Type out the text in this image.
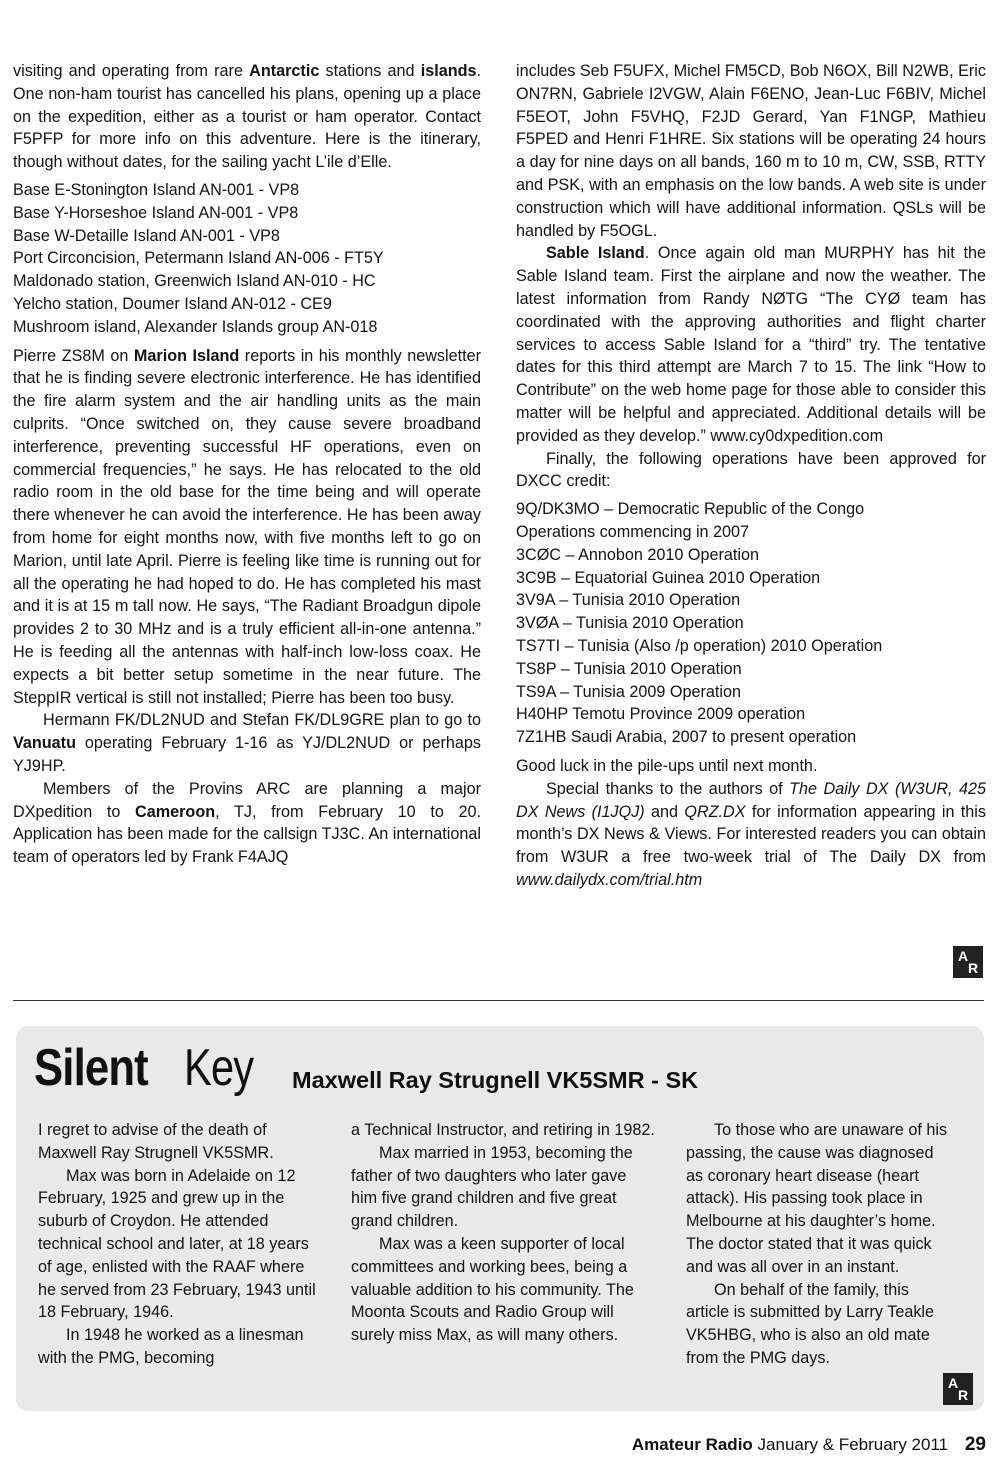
visiting and operating from rare Antarctic stations and islands. One non-ham tourist has cancelled his plans, opening up a place on the expedition, either as a tourist or ham operator. Contact F5PFP for more info on this adventure. Here is the itinerary, though without dates, for the sailing yacht L’ile d’Elle.

Base E-Stonington Island AN-001 - VP8
Base Y-Horseshoe Island AN-001 - VP8
Base W-Detaille Island AN-001 - VP8
Port Circoncision, Petermann Island AN-006 - FT5Y
Maldonado station, Greenwich Island AN-010 - HC
Yelcho station, Doumer Island AN-012 - CE9
Mushroom island, Alexander Islands group AN-018

Pierre ZS8M on Marion Island reports in his monthly newsletter that he is finding severe electronic interference. He has identified the fire alarm system and the air handling units as the main culprits. “Once switched on, they cause severe broadband interference, preventing successful HF operations, even on commercial frequencies,” he says. He has relocated to the old radio room in the old base for the time being and will operate there whenever he can avoid the interference. He has been away from home for eight months now, with five months left to go on Marion, until late April. Pierre is feeling like time is running out for all the operating he had hoped to do. He has completed his mast and it is at 15 m tall now. He says, “The Radiant Broadgun dipole provides 2 to 30 MHz and is a truly efficient all-in-one antenna.” He is feeding all the antennas with half-inch low-loss coax. He expects a bit better setup sometime in the near future. The SteppIR vertical is still not installed; Pierre has been too busy.

Hermann FK/DL2NUD and Stefan FK/DL9GRE plan to go to Vanuatu operating February 1-16 as YJ/DL2NUD or perhaps YJ9HP.

Members of the Provins ARC are planning a major DXpedition to Cameroon, TJ, from February 10 to 20. Application has been made for the callsign TJ3C. An international team of operators led by Frank F4AJQ

includes Seb F5UFX, Michel FM5CD, Bob N6OX, Bill N2WB, Eric ON7RN, Gabriele I2VGW, Alain F6ENO, Jean-Luc F6BIV, Michel F5EOT, John F5VHQ, F2JD Gerard, Yan F1NGP, Mathieu F5PED and Henri F1HRE. Six stations will be operating 24 hours a day for nine days on all bands, 160 m to 10 m, CW, SSB, RTTY and PSK, with an emphasis on the low bands. A web site is under construction which will have additional information. QSLs will be handled by F5OGL.

Sable Island. Once again old man MURPHY has hit the Sable Island team. First the airplane and now the weather. The latest information from Randy NØTG “The CYØ team has coordinated with the approving authorities and flight charter services to access Sable Island for a “third” try. The tentative dates for this third attempt are March 7 to 15. The link “How to Contribute” on the web home page for those able to consider this matter will be helpful and appreciated. Additional details will be provided as they develop.” www.cy0dxpedition.com

Finally, the following operations have been approved for DXCC credit:

9Q/DK3MO – Democratic Republic of the Congo
Operations commencing in 2007
3CØC – Annobon 2010 Operation
3C9B – Equatorial Guinea 2010 Operation
3V9A – Tunisia 2010 Operation
3VØA – Tunisia 2010 Operation
TS7TI – Tunisia (Also /p operation) 2010 Operation
TS8P – Tunisia 2010 Operation
TS9A – Tunisia 2009 Operation
H40HP Temotu Province 2009 operation
7Z1HB Saudi Arabia, 2007 to present operation

Good luck in the pile-ups until next month.

Special thanks to the authors of The Daily DX (W3UR, 425 DX News (I1JQJ) and QRZ.DX for information appearing in this month’s DX News & Views. For interested readers you can obtain from W3UR a free two-week trial of The Daily DX from www.dailydx.com/trial.htm

A
R
Silent Key Maxwell Ray Strugnell VK5SMR - SK

I regret to advise of the death of Maxwell Ray Strugnell VK5SMR.

Max was born in Adelaide on 12 February, 1925 and grew up in the suburb of Croydon. He attended technical school and later, at 18 years of age, enlisted with the RAAF where he served from 23 February, 1943 until 18 February, 1946.

In 1948 he worked as a linesman with the PMG, becoming

a Technical Instructor, and retiring in 1982.

Max married in 1953, becoming the father of two daughters who later gave him five grand children and five great grand children.

Max was a keen supporter of local committees and working bees, being a valuable addition to his community. The Moonta Scouts and Radio Group will surely miss Max, as will many others.

To those who are unaware of his passing, the cause was diagnosed as coronary heart disease (heart attack). His passing took place in Melbourne at his daughter’s home. The doctor stated that it was quick and was all over in an instant.

On behalf of the family, this article is submitted by Larry Teakle VK5HBG, who is also an old mate from the PMG days.

A
R
Amateur Radio January & February 2011 29
